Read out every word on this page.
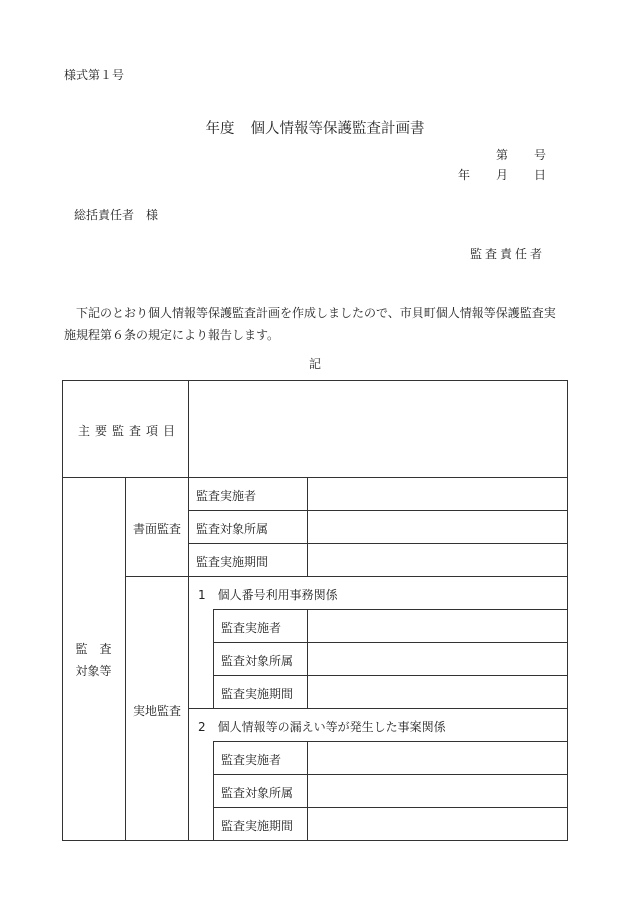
様式第１号
年度 個人情報等保護監査計画書
第 号
年 月 日
総括責任者 様
監査責任者
下記のとおり個人情報等保護監査計画を作成しましたので、市貝町個人情報等保護監査実施規程第６条の規定により報告します。
記
主要監査項目
監　査
対象等
書面監査
監査実施者
監査対象所属
監査実施期間
実地監査
1　個人番号利用事務関係
監査実施者
監査対象所属
監査実施期間
2　個人情報等の漏えい等が発生した事案関係
監査実施者
監査対象所属
監査実施期間
